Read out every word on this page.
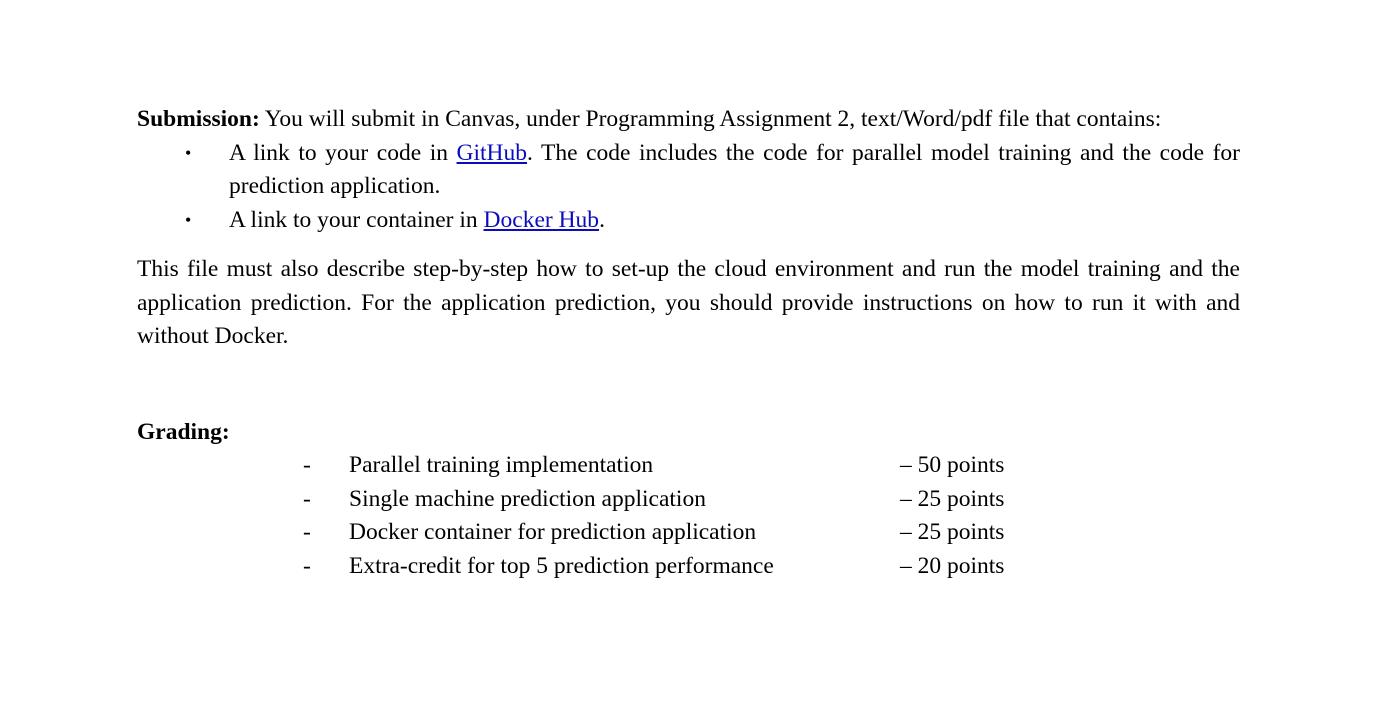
Submission: You will submit in Canvas, under Programming Assignment 2, text/Word/pdf file that contains:

• A link to your code in GitHub. The code includes the code for parallel model training and the code for prediction application.
• A link to your container in Docker Hub.

This file must also describe step-by-step how to set-up the cloud environment and run the model training and the application prediction. For the application prediction, you should provide instructions on how to run it with and without Docker.

Grading:

-	Parallel training implementation	– 50 points
-	Single machine prediction application	– 25 points
-	Docker container for prediction application	– 25 points
-	Extra-credit for top 5 prediction performance	– 20 points
